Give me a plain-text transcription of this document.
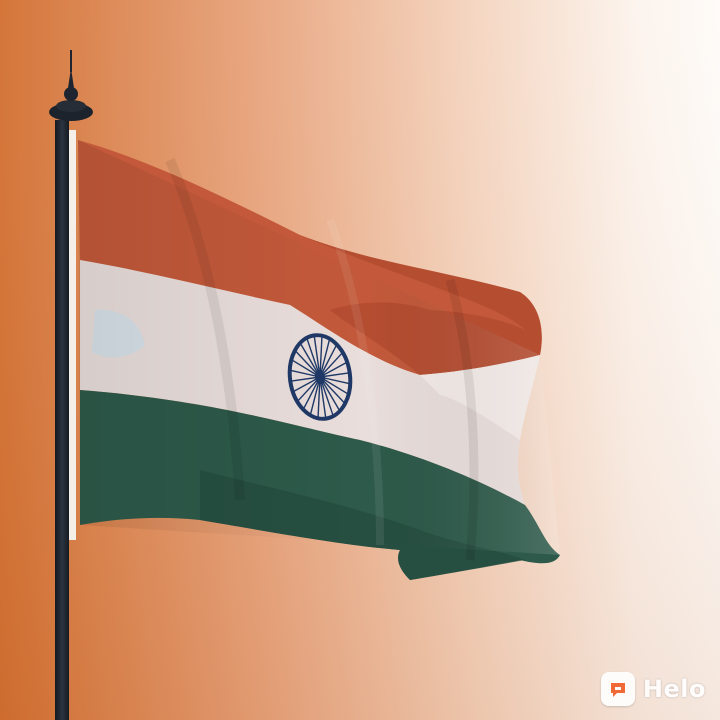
Helo
